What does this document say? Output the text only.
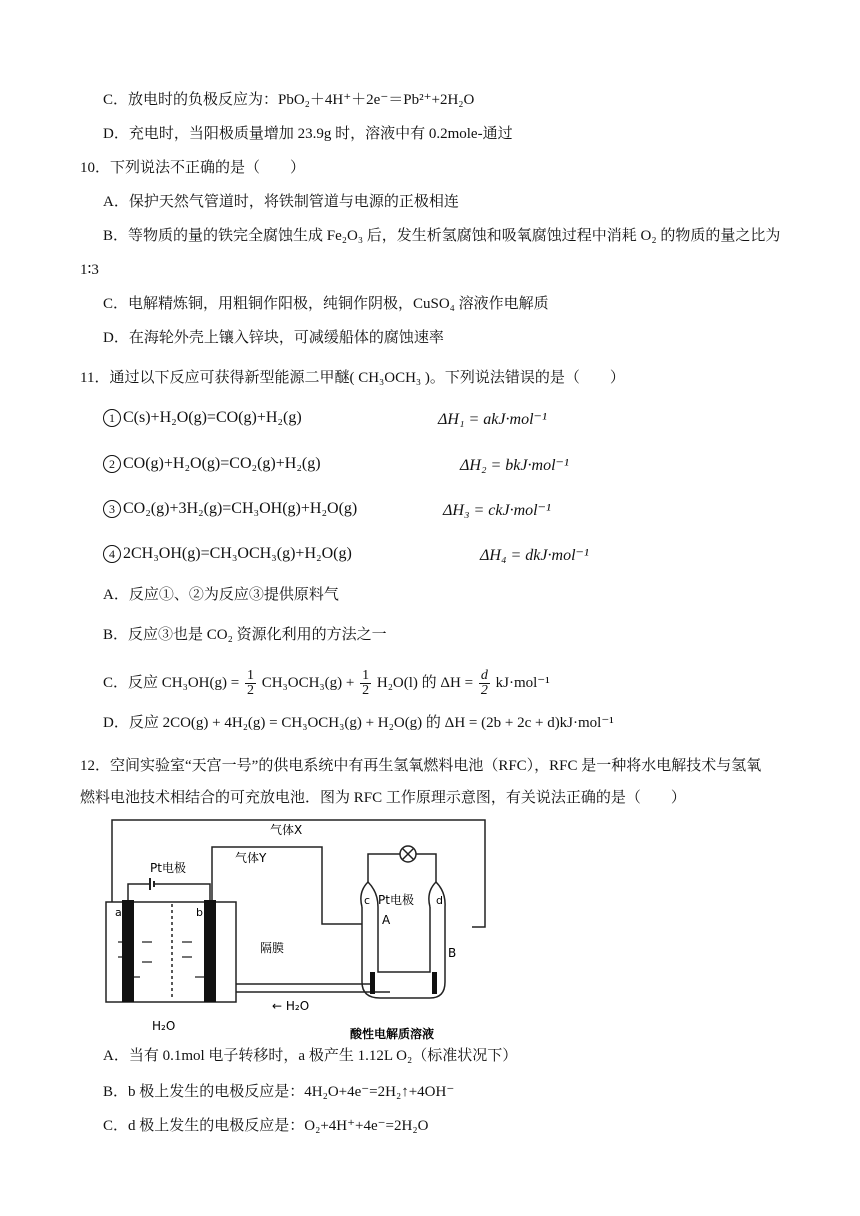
C．放电时的负极反应为：PbO₂＋4H⁺＋2e⁻＝Pb²⁺+2H₂O
D．充电时，当阳极质量增加 23.9g 时，溶液中有 0.2mole-通过
10．下列说法不正确的是（　　）
A．保护天然气管道时，将铁制管道与电源的正极相连
B．等物质的量的铁完全腐蚀生成 Fe₂O₃ 后，发生析氢腐蚀和吸氧腐蚀过程中消耗 O₂ 的物质的量之比为
1∶3
C．电解精炼铜，用粗铜作阳极，纯铜作阴极，CuSO₄ 溶液作电解质
D．在海轮外壳上镶入锌块，可减缓船体的腐蚀速率
11．通过以下反应可获得新型能源二甲醚( CH₃OCH₃ )。下列说法错误的是（　　）
1 C(s)+H₂O(g)=CO(g)+H₂(g)	ΔH₁ = akJ·mol⁻¹
2 CO(g)+H₂O(g)=CO₂(g)+H₂(g)	ΔH₂ = bkJ·mol⁻¹
3 CO₂(g)+3H₂(g)=CH₃OH(g)+H₂O(g)	ΔH₃ = ckJ·mol⁻¹
4 2CH₃OH(g)=CH₃OCH₃(g)+H₂O(g)	ΔH₄ = dkJ·mol⁻¹
A．反应①、②为反应③提供原料气
B．反应③也是 CO₂ 资源化利用的方法之一
C．反应 $CH_3OH(g) = \frac{1}{2} CH_3OCH_3(g) + \frac{1}{2} H_2O(l)$ 的 $\Delta H = \frac{d}{2} kJ\cdot mol^{-1}$
D．反应 2CO(g) + 4H₂(g) = CH₃OCH₃(g) + H₂O(g) 的 ΔH = (2b + 2c + d)kJ·mol⁻¹
12．空间实验室“天宫一号”的供电系统中有再生氢氧燃料电池（RFC），RFC 是一种将水电解技术与氢氧
燃料电池技术相结合的可充放电池．图为 RFC 工作原理示意图，有关说法正确的是（　　）
气体X
气体Y
Pt电极
a	b
Pt电极
c	d
A
B
隔膜
H₂O
← H₂O
酸性电解质溶液
A．当有 0.1mol 电子转移时，a 极产生 1.12L O₂（标准状况下）
B．b 极上发生的电极反应是：4H₂O+4e⁻=2H₂↑+4OH⁻
C．d 极上发生的电极反应是：O₂+4H⁺+4e⁻=2H₂O
